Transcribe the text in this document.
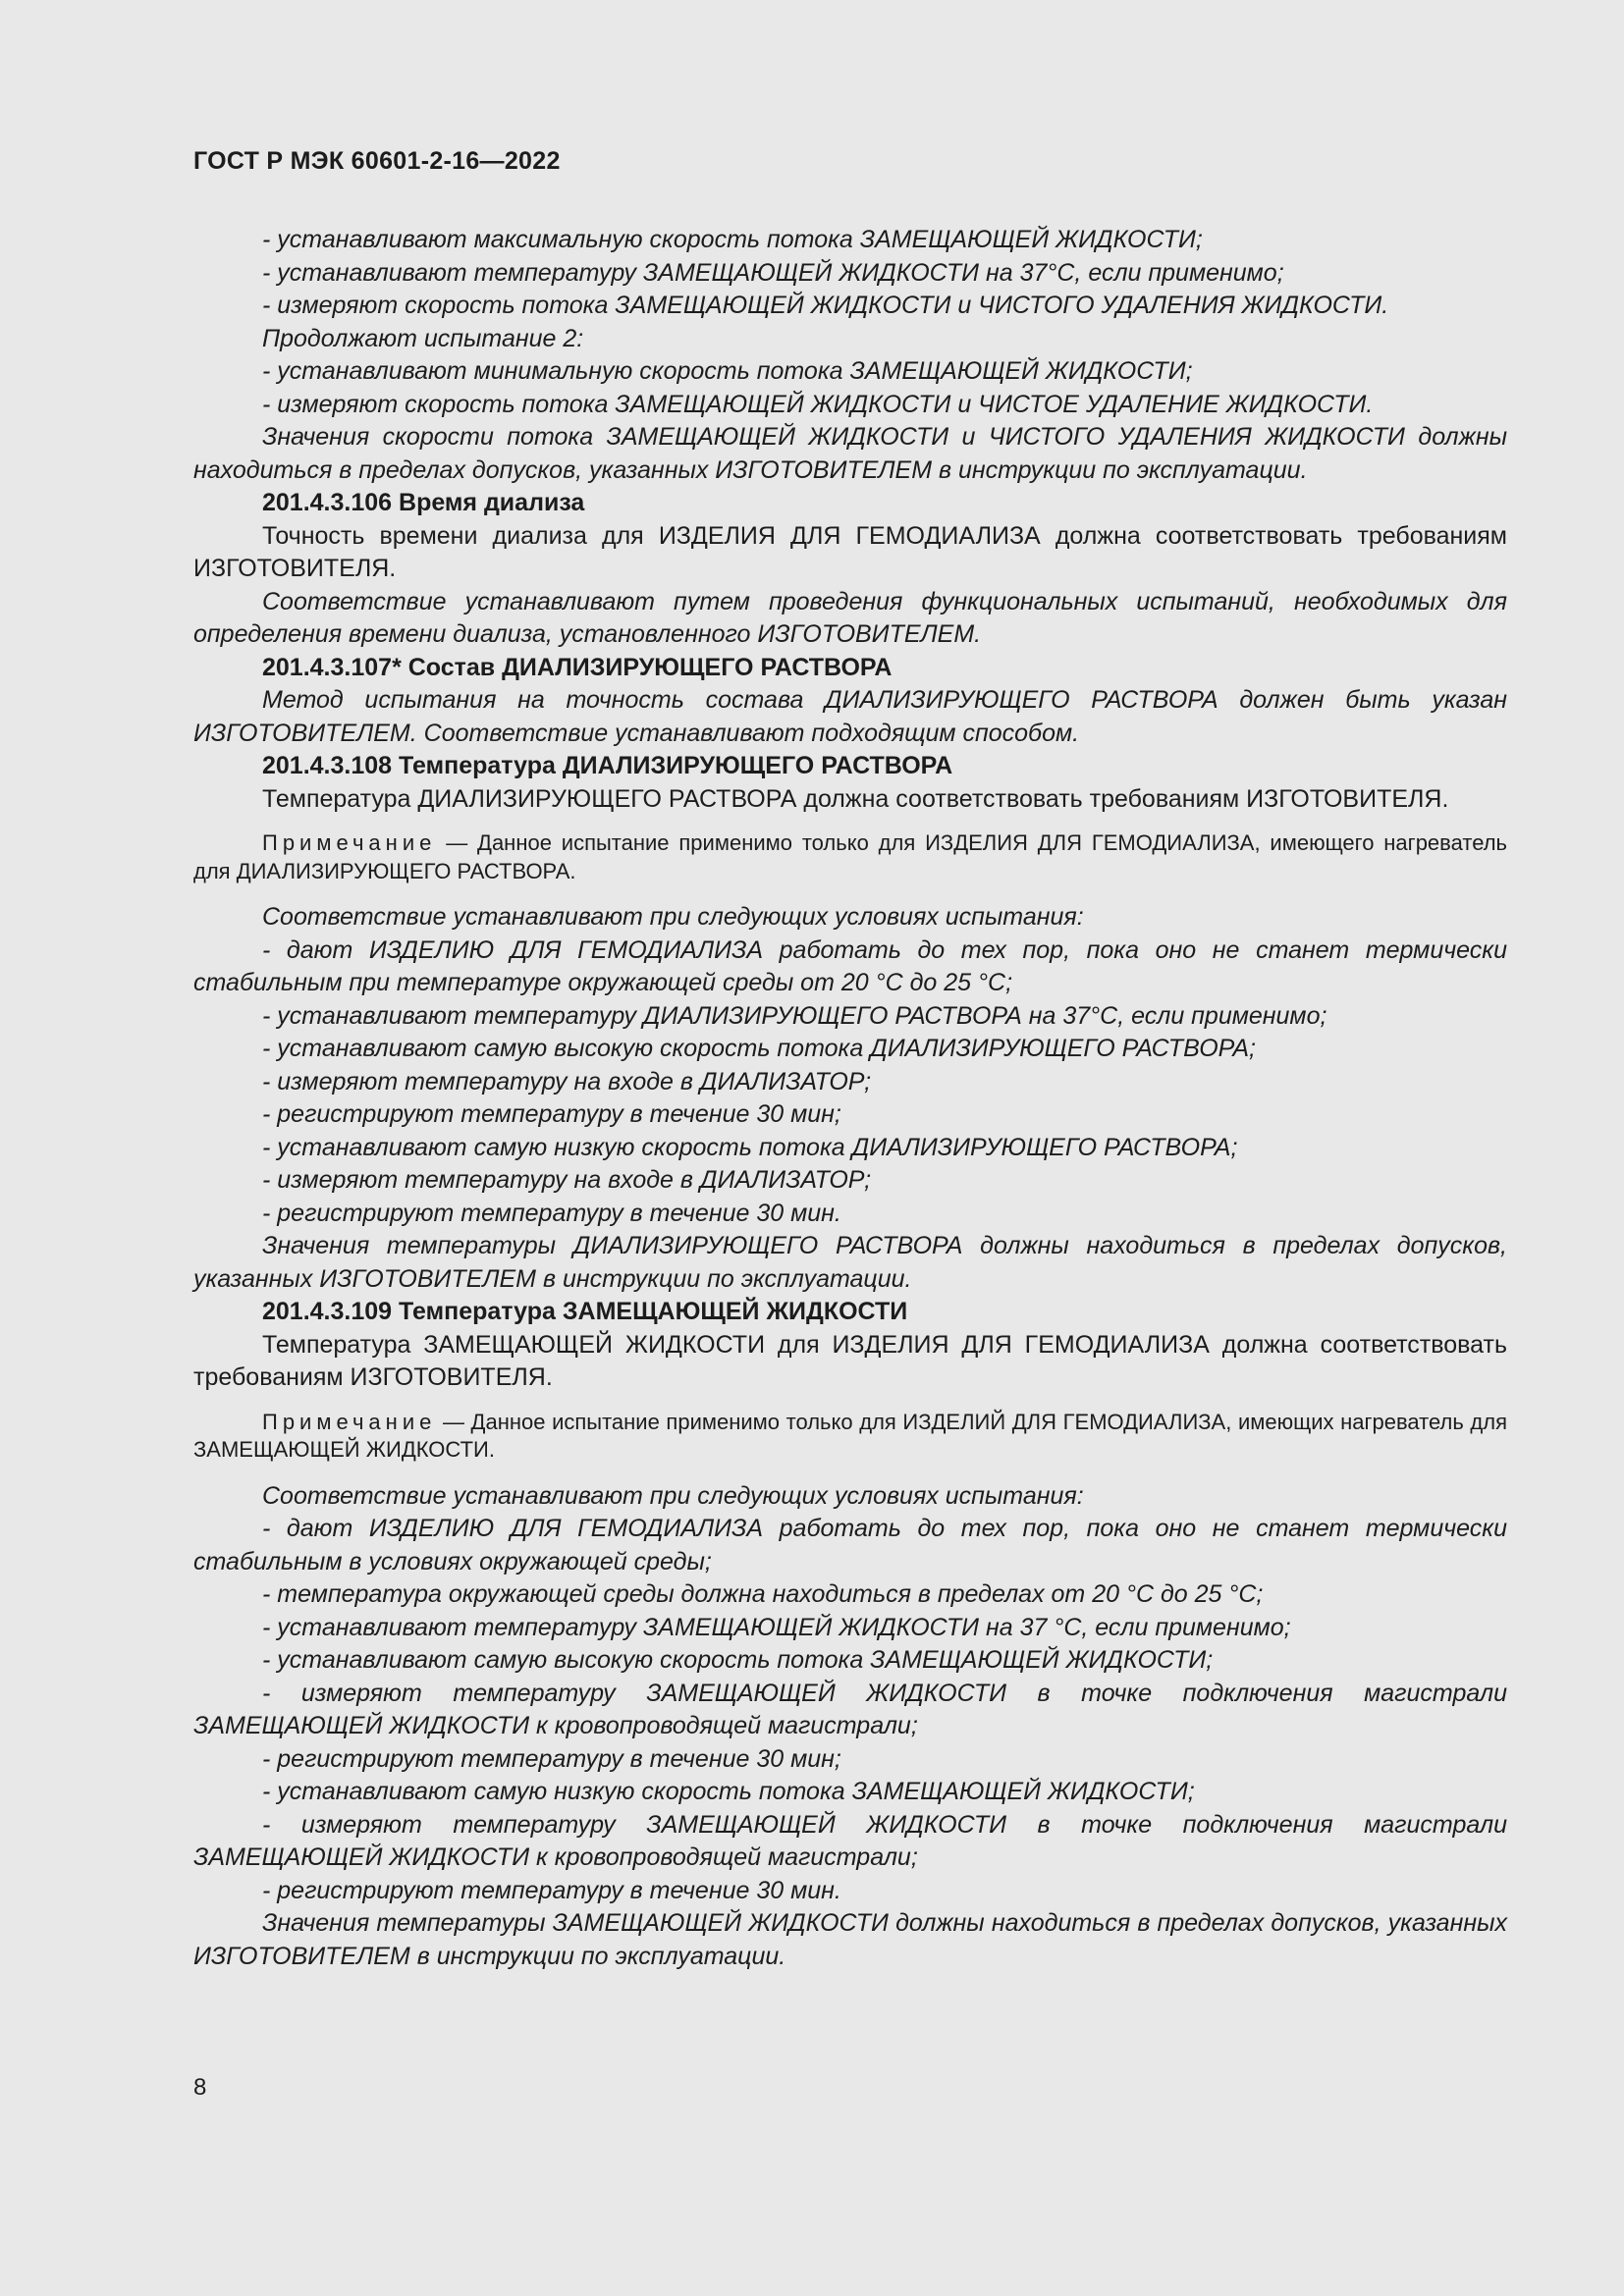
ГОСТ Р МЭК 60601-2-16—2022

- устанавливают максимальную скорость потока ЗАМЕЩАЮЩЕЙ ЖИДКОСТИ;

- устанавливают температуру ЗАМЕЩАЮЩЕЙ ЖИДКОСТИ на 37°С, если применимо;

- измеряют скорость потока ЗАМЕЩАЮЩЕЙ ЖИДКОСТИ и ЧИСТОГО УДАЛЕНИЯ ЖИДКОСТИ.

Продолжают испытание 2:

- устанавливают минимальную скорость потока ЗАМЕЩАЮЩЕЙ ЖИДКОСТИ;

- измеряют скорость потока ЗАМЕЩАЮЩЕЙ ЖИДКОСТИ и ЧИСТОЕ УДАЛЕНИЕ ЖИДКОСТИ.

Значения скорости потока ЗАМЕЩАЮЩЕЙ ЖИДКОСТИ и ЧИСТОГО УДАЛЕНИЯ ЖИДКОСТИ должны находиться в пределах допусков, указанных ИЗГОТОВИТЕЛЕМ в инструкции по эксплуатации.

201.4.3.106 Время диализа

Точность времени диализа для ИЗДЕЛИЯ ДЛЯ ГЕМОДИАЛИЗА должна соответствовать требованиям ИЗГОТОВИТЕЛЯ.

Соответствие устанавливают путем проведения функциональных испытаний, необходимых для определения времени диализа, установленного ИЗГОТОВИТЕЛЕМ.

201.4.3.107* Состав ДИАЛИЗИРУЮЩЕГО РАСТВОРА

Метод испытания на точность состава ДИАЛИЗИРУЮЩЕГО РАСТВОРА должен быть указан ИЗГОТОВИТЕЛЕМ. Соответствие устанавливают подходящим способом.

201.4.3.108 Температура ДИАЛИЗИРУЮЩЕГО РАСТВОРА

Температура ДИАЛИЗИРУЮЩЕГО РАСТВОРА должна соответствовать требованиям ИЗГОТОВИТЕЛЯ.

Примечание — Данное испытание применимо только для ИЗДЕЛИЯ ДЛЯ ГЕМОДИАЛИЗА, имеющего нагреватель для ДИАЛИЗИРУЮЩЕГО РАСТВОРА.

Соответствие устанавливают при следующих условиях испытания:

- дают ИЗДЕЛИЮ ДЛЯ ГЕМОДИАЛИЗА работать до тех пор, пока оно не станет термически стабильным при температуре окружающей среды от 20 °С до 25 °С;

- устанавливают температуру ДИАЛИЗИРУЮЩЕГО РАСТВОРА на 37°С, если применимо;

- устанавливают самую высокую скорость потока ДИАЛИЗИРУЮЩЕГО РАСТВОРА;

- измеряют температуру на входе в ДИАЛИЗАТОР;

- регистрируют температуру в течение 30 мин;

- устанавливают самую низкую скорость потока ДИАЛИЗИРУЮЩЕГО РАСТВОРА;

- измеряют температуру на входе в ДИАЛИЗАТОР;

- регистрируют температуру в течение 30 мин.

Значения температуры ДИАЛИЗИРУЮЩЕГО РАСТВОРА должны находиться в пределах допусков, указанных ИЗГОТОВИТЕЛЕМ в инструкции по эксплуатации.

201.4.3.109 Температура ЗАМЕЩАЮЩЕЙ ЖИДКОСТИ

Температура ЗАМЕЩАЮЩЕЙ ЖИДКОСТИ для ИЗДЕЛИЯ ДЛЯ ГЕМОДИАЛИЗА должна соответствовать требованиям ИЗГОТОВИТЕЛЯ.

Примечание — Данное испытание применимо только для ИЗДЕЛИЙ ДЛЯ ГЕМОДИАЛИЗА, имеющих нагреватель для ЗАМЕЩАЮЩЕЙ ЖИДКОСТИ.

Соответствие устанавливают при следующих условиях испытания:

- дают ИЗДЕЛИЮ ДЛЯ ГЕМОДИАЛИЗА работать до тех пор, пока оно не станет термически стабильным в условиях окружающей среды;

- температура окружающей среды должна находиться в пределах от 20 °С до 25 °С;

- устанавливают температуру ЗАМЕЩАЮЩЕЙ ЖИДКОСТИ на 37 °С, если применимо;

- устанавливают самую высокую скорость потока ЗАМЕЩАЮЩЕЙ ЖИДКОСТИ;

- измеряют температуру ЗАМЕЩАЮЩЕЙ ЖИДКОСТИ в точке подключения магистрали ЗАМЕЩАЮЩЕЙ ЖИДКОСТИ к кровопроводящей магистрали;

- регистрируют температуру в течение 30 мин;

- устанавливают самую низкую скорость потока ЗАМЕЩАЮЩЕЙ ЖИДКОСТИ;

- измеряют температуру ЗАМЕЩАЮЩЕЙ ЖИДКОСТИ в точке подключения магистрали ЗАМЕЩАЮЩЕЙ ЖИДКОСТИ к кровопроводящей магистрали;

- регистрируют температуру в течение 30 мин.

Значения температуры ЗАМЕЩАЮЩЕЙ ЖИДКОСТИ должны находиться в пределах допусков, указанных ИЗГОТОВИТЕЛЕМ в инструкции по эксплуатации.

8
